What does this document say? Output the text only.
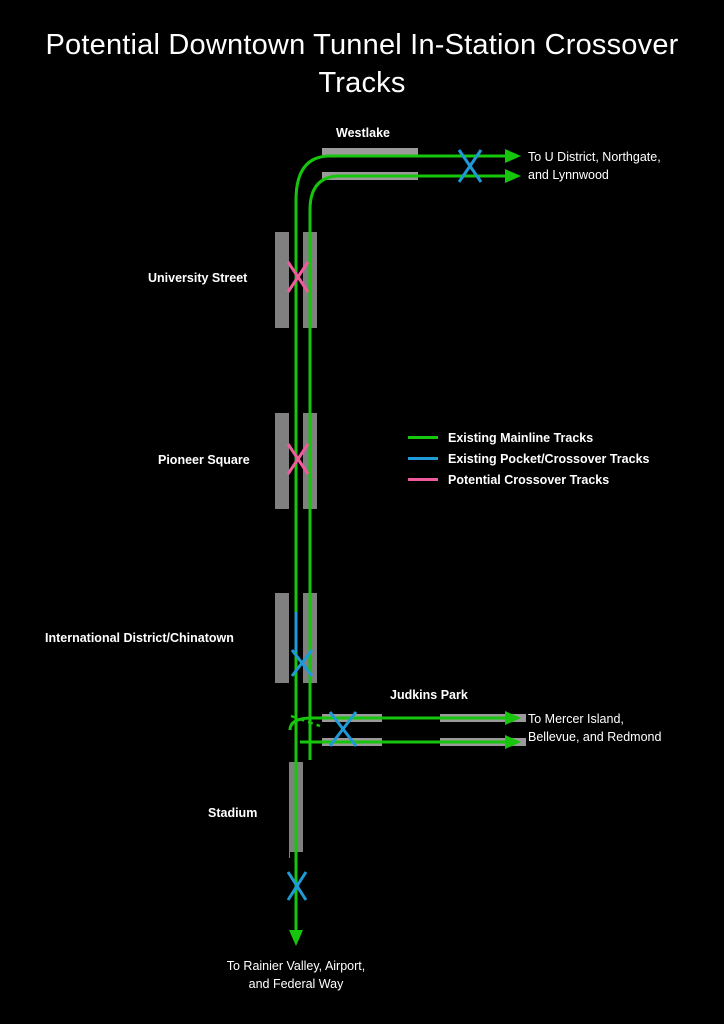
Potential Downtown Tunnel In-Station Crossover Tracks
Westlake
University Street
Pioneer Square
International District/Chinatown
Judkins Park
Stadium
To U District, Northgate,
and Lynnwood
To Mercer Island,
Bellevue, and Redmond
To Rainier Valley, Airport,
and Federal Way
Existing Mainline Tracks
Existing Pocket/Crossover Tracks
Potential Crossover Tracks
